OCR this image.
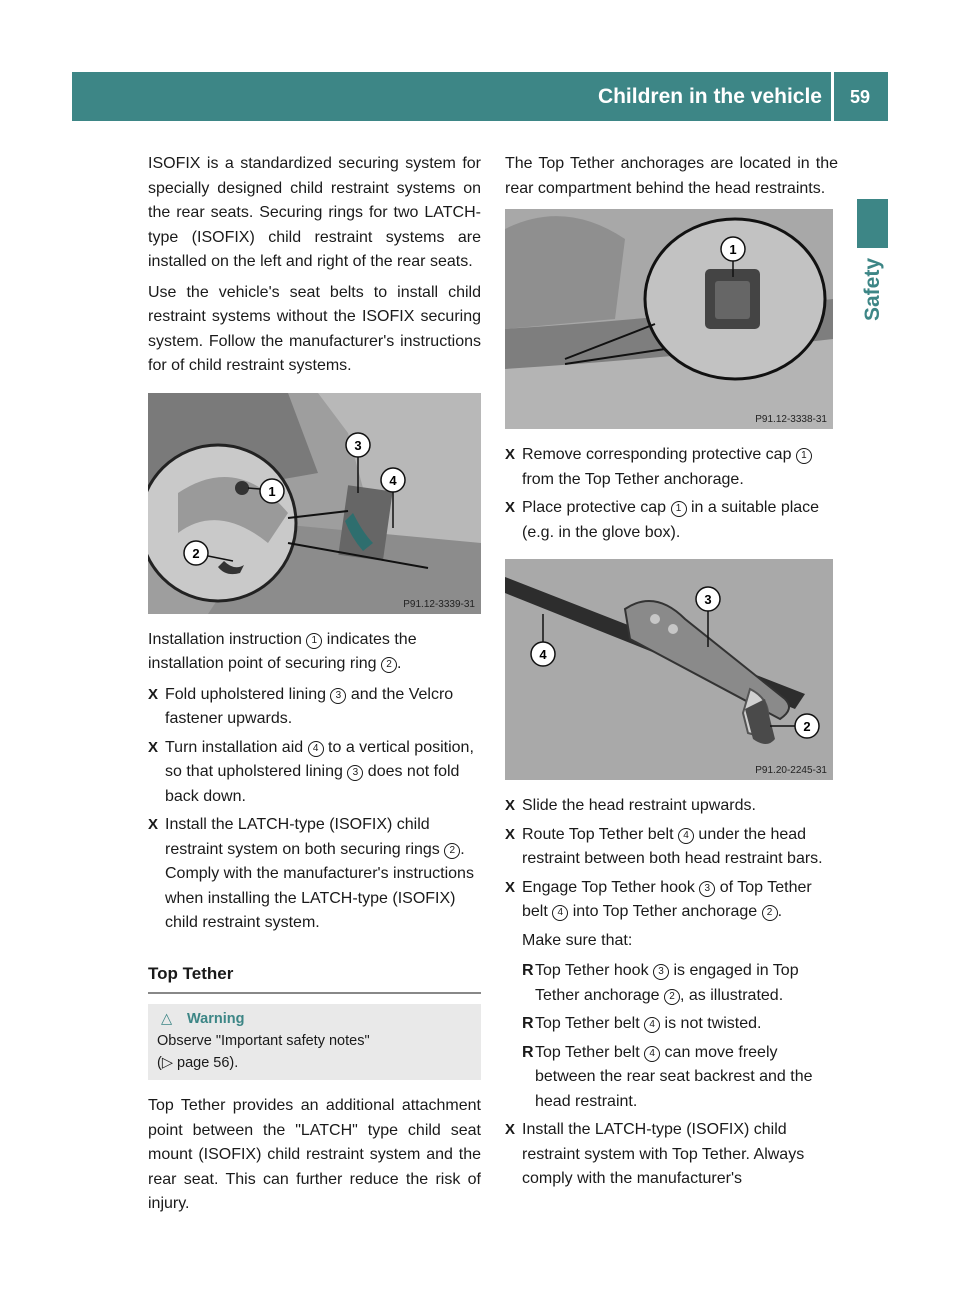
Children in the vehicle	59
Safety

ISOFIX is a standardized securing system for specially designed child restraint systems on the rear seats. Securing rings for two LATCH-type (ISOFIX) child restraint systems are installed on the left and right of the rear seats.

Use the vehicle's seat belts to install child restraint systems without the ISOFIX securing system. Follow the manufacturer's instructions for of child restraint systems.

1
2
3
4
P91.12-3339-31

Installation instruction 1 indicates the installation point of securing ring 2 .

X Fold upholstered lining 3 and the Velcro fastener upwards.
X Turn installation aid 4 to a vertical position, so that upholstered lining 3 does not fold back down.
X Install the LATCH-type (ISOFIX) child restraint system on both securing rings 2 . Comply with the manufacturer's instructions when installing the LATCH-type (ISOFIX) child restraint system.
Top Tether
△ Warning
Observe "Important safety notes"
(▷ page 56).

Top Tether provides an additional attachment point between the "LATCH" type child seat mount (ISOFIX) child restraint system and the rear seat. This can further reduce the risk of injury.

The Top Tether anchorages are located in the rear compartment behind the head restraints.

1
P91.12-3338-31
X Remove corresponding protective cap 1 from the Top Tether anchorage.
X Place protective cap 1 in a suitable place (e.g. in the glove box).
2
3
4
P91.20-2245-31
X Slide the head restraint upwards.
X Route Top Tether belt 4 under the head restraint between both head restraint bars.
X Engage Top Tether hook 3 of Top Tether belt 4 into Top Tether anchorage 2 .

Make sure that:

R Top Tether hook 3 is engaged in Top Tether anchorage 2 , as illustrated.
R Top Tether belt 4 is not twisted.
R Top Tether belt 4 can move freely between the rear seat backrest and the head restraint.
X Install the LATCH-type (ISOFIX) child restraint system with Top Tether. Always comply with the manufacturer's
